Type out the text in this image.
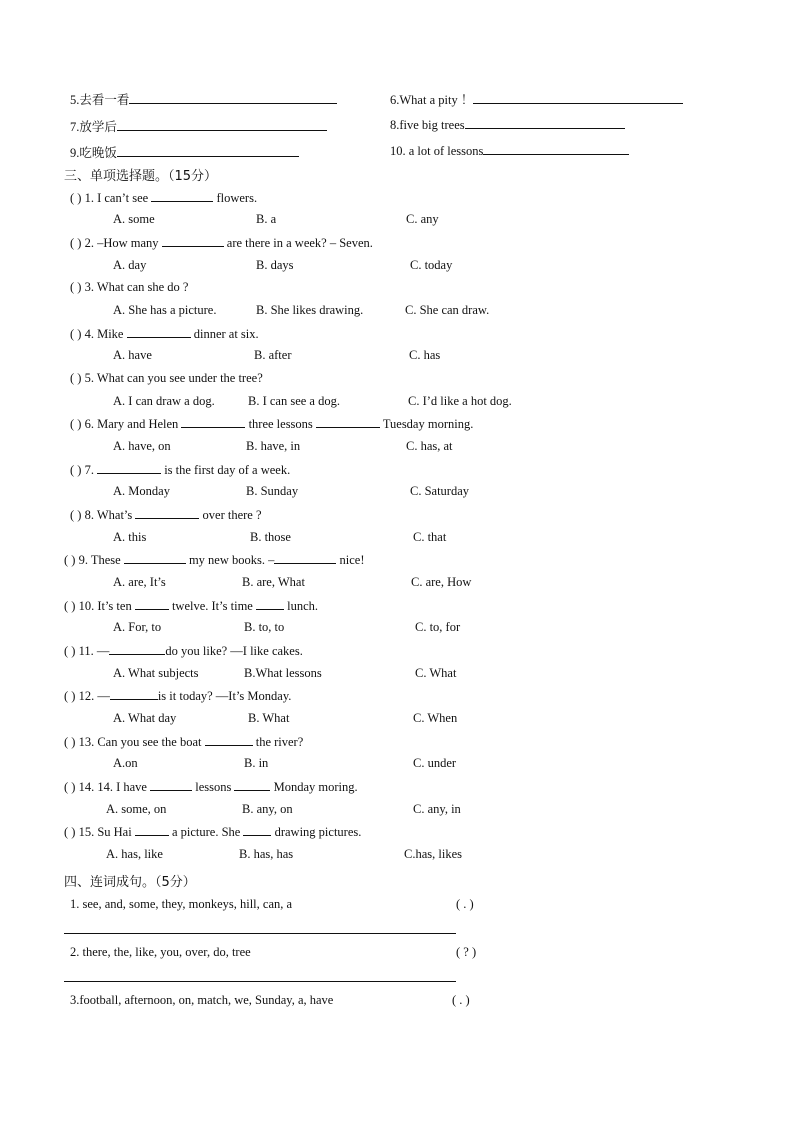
5.去看一看	6.What a pity ！
7.放学后	8.five big trees
9.吃晚饭	10. a lot of lessons
三、单项选择题。（15分）
( ) 1. I can’t see	flowers.
A. some	B. a	C. any
( ) 2. –How many	are there in a week? – Seven.
A. day	B. days	C. today
( ) 3. What can she do ?
A. She has a picture.	B. She likes drawing.	C. She can draw.
( ) 4. Mike	dinner at six.
A. have	B. after	C. has
( ) 5. What can you see under the tree?
A. I can draw a dog.	B. I can see a dog.	C. I’d like a hot dog.
( ) 6. Mary and Helen	three lessons	Tuesday morning.
A. have, on	B. have, in	C. has, at
( ) 7.	is the first day of a week.
A. Monday	B. Sunday	C. Saturday
( ) 8. What’s	over there ?
A. this	B. those	C. that
( ) 9. These	my new books. –	nice!
A. are, It’s	B. are, What	C. are, How
( ) 10. It’s ten	twelve. It’s time  lunch.
A. For, to	B. to, to	C. to, for
( ) 11. —	do you like? —I like cakes.
A. What subjects	B.What lessons	C. What
( ) 12. —	is it today? —It’s Monday.
A. What day	B. What	C. When
( ) 13. Can you see the boat	the river?
A.on	B. in	C. under
( ) 14. 14. I have	lessons	Monday moring.
A. some, on	B. any, on	C. any, in
( ) 15. Su Hai	a picture. She  drawing pictures.
A. has, like	B. has, has	C.has, likes
四、连词成句。（5分）
1. see, and, some, they, monkeys, hill, can, a	( . )
2. there, the, like, you, over, do, tree	( ? )
3.football, afternoon, on, match, we, Sunday, a, have	( . )
